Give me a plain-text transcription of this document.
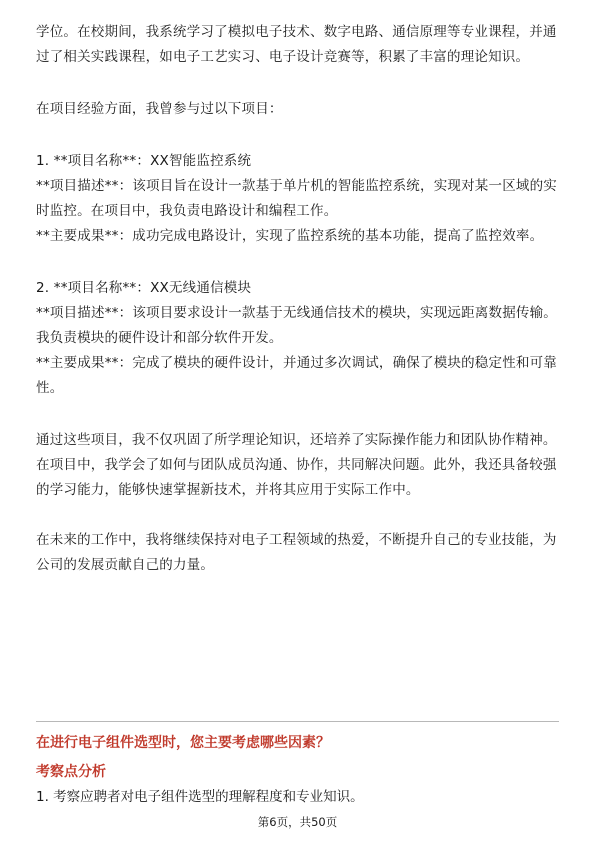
学位。在校期间，我系统学习了模拟电子技术、数字电路、通信原理等专业课程，并通过了相关实践课程，如电子工艺实习、电子设计竞赛等，积累了丰富的理论知识。

在项目经验方面，我曾参与过以下项目：

1. **项目名称**：XX智能监控系统

**项目描述**：该项目旨在设计一款基于单片机的智能监控系统，实现对某一区域的实时监控。在项目中，我负责电路设计和编程工作。

**主要成果**：成功完成电路设计，实现了监控系统的基本功能，提高了监控效率。

2. **项目名称**：XX无线通信模块

**项目描述**：该项目要求设计一款基于无线通信技术的模块，实现远距离数据传输。我负责模块的硬件设计和部分软件开发。

**主要成果**：完成了模块的硬件设计，并通过多次调试，确保了模块的稳定性和可靠性。

通过这些项目，我不仅巩固了所学理论知识，还培养了实际操作能力和团队协作精神。在项目中，我学会了如何与团队成员沟通、协作，共同解决问题。此外，我还具备较强的学习能力，能够快速掌握新技术，并将其应用于实际工作中。

在未来的工作中，我将继续保持对电子工程领域的热爱，不断提升自己的专业技能，为公司的发展贡献自己的力量。

在进行电子组件选型时，您主要考虑哪些因素？

考察点分析

1. 考察应聘者对电子组件选型的理解程度和专业知识。

第6页，共50页
